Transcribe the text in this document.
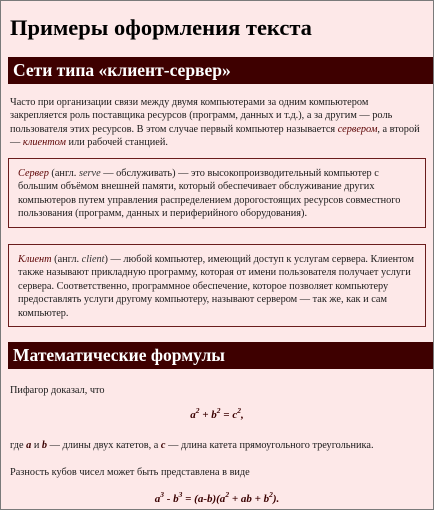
Примеры оформления текста
Сети типа «клиент-сервер»
Часто при организации связи между двумя компьютерами за одним компьютером закрепляется роль поставщика ресурсов (программ, данных и т.д.), а за другим — роль пользователя этих ресурсов. В этом случае первый компьютер называется сервером, а второй — клиентом или рабочей станцией.

Сервер (англ. serve — обслуживать) — это высокопроизводительный компьютер с большим объёмом внешней памяти, который обеспечивает обслуживание других компьютеров путем управления распределением дорогостоящих ресурсов совместного пользования (программ, данных и периферийного оборудования).

Клиент (англ. client) — любой компьютер, имеющий доступ к услугам сервера. Клиентом также называют прикладную программу, которая от имени пользователя получает услуги сервера. Соответственно, программное обеспечение, которое позволяет компьютеру предоставлять услуги другому компьютеру, называют сервером — так же, как и сам компьютер.

Математические формулы
Пифагор доказал, что
$a^2 + b^2 = c^2$,
где a и b — длины двух катетов, а c — длина катета прямоугольного треугольника.
Разность кубов чисел может быть представлена в виде
$a^3 - b^3 = (a-b)(a^2$ + ab + $b^2$).
